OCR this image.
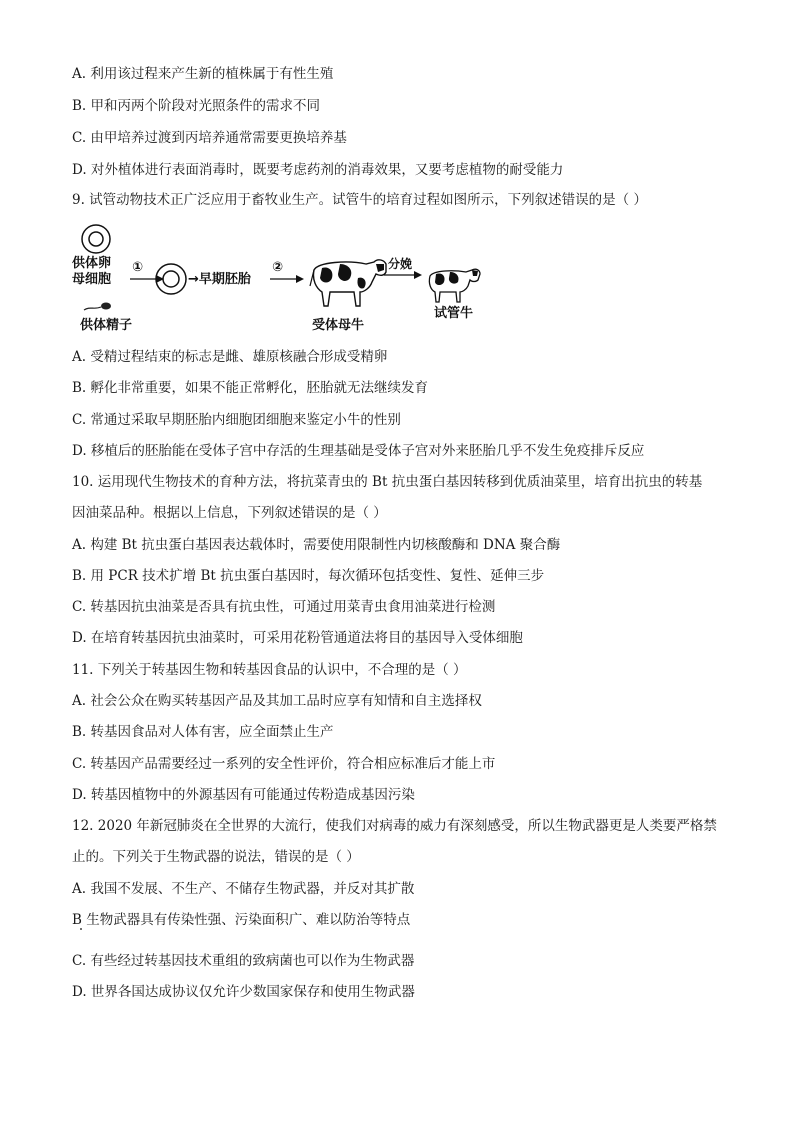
A. 利用该过程来产生新的植株属于有性生殖
B. 甲和丙两个阶段对光照条件的需求不同
C. 由甲培养过渡到丙培养通常需要更换培养基
D. 对外植体进行表面消毒时，既要考虑药剂的消毒效果，又要考虑植物的耐受能力
9. 试管动物技术正广泛应用于畜牧业生产。试管牛的培育过程如图所示，下列叙述错误的是（ ）
供体卵
母细胞
①
→早期胚胎
②	分娩
供体精子	受体母牛
试管牛
A. 受精过程结束的标志是雌、雄原核融合形成受精卵
B. 孵化非常重要，如果不能正常孵化，胚胎就无法继续发育
C. 常通过采取早期胚胎内细胞团细胞来鉴定小牛的性别
D. 移植后的胚胎能在受体子宫中存活的生理基础是受体子宫对外来胚胎几乎不发生免疫排斥反应
10. 运用现代生物技术的育种方法，将抗菜青虫的 Bt 抗虫蛋白基因转移到优质油菜里，培育出抗虫的转基
因油菜品种。根据以上信息，下列叙述错误的是（ ）
A. 构建 Bt 抗虫蛋白基因表达载体时，需要使用限制性内切核酸酶和 DNA 聚合酶
B. 用 PCR 技术扩增 Bt 抗虫蛋白基因时，每次循环包括变性、复性、延伸三步
C. 转基因抗虫油菜是否具有抗虫性，可通过用菜青虫食用油菜进行检测
D. 在培育转基因抗虫油菜时，可采用花粉管通道法将目的基因导入受体细胞
11. 下列关于转基因生物和转基因食品的认识中，不合理的是（ ）
A. 社会公众在购买转基因产品及其加工品时应享有知情和自主选择权
B. 转基因食品对人体有害，应全面禁止生产
C. 转基因产品需要经过一系列的安全性评价，符合相应标准后才能上市
D. 转基因植物中的外源基因有可能通过传粉造成基因污染
12. 2020 年新冠肺炎在全世界的大流行，使我们对病毒的威力有深刻感受，所以生物武器更是人类要严格禁
止的。下列关于生物武器的说法，错误的是（ ）
A. 我国不发展、不生产、不储存生物武器，并反对其扩散
B 生物武器具有传染性强、污染面积广、难以防治等特点
C. 有些经过转基因技术重组的致病菌也可以作为生物武器
D. 世界各国达成协议仅允许少数国家保存和使用生物武器
